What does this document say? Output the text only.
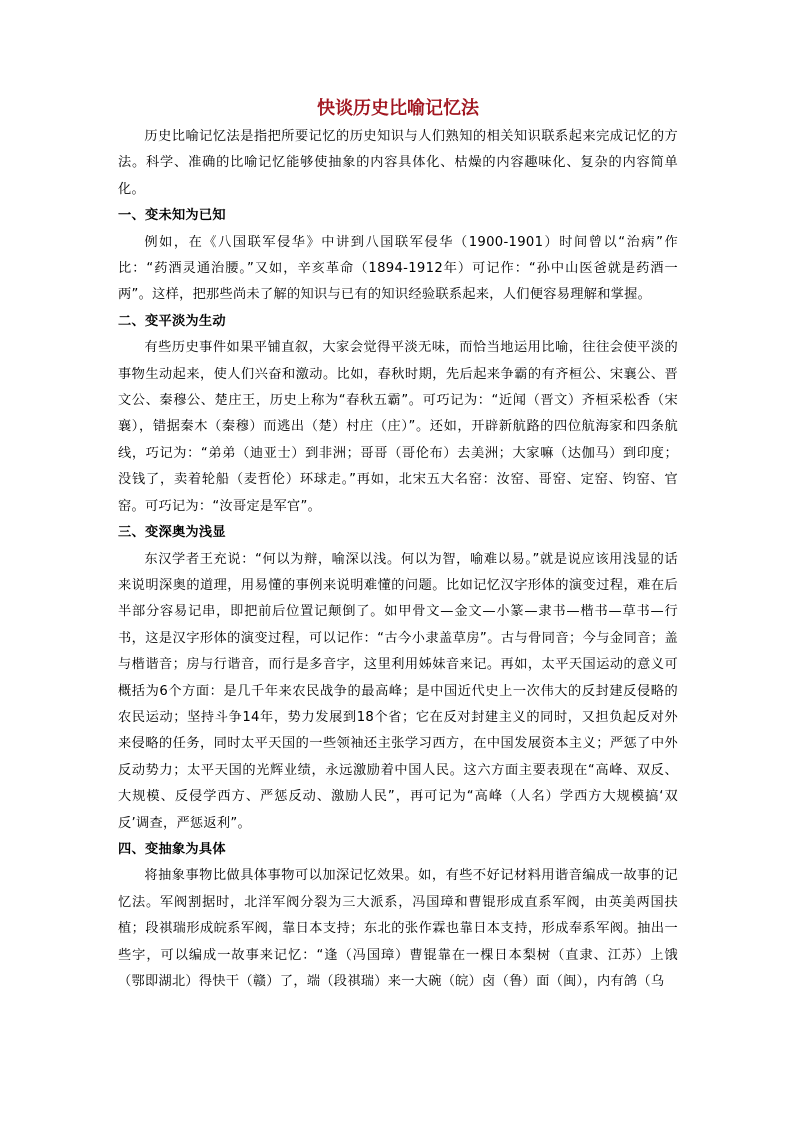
快谈历史比喻记忆法

历史比喻记忆法是指把所要记忆的历史知识与人们熟知的相关知识联系起来完成记忆的方法。科学、准确的比喻记忆能够使抽象的内容具体化、枯燥的内容趣味化、复杂的内容简单化。

一、变未知为已知

例如，在《八国联军侵华》中讲到八国联军侵华（1900-1901）时间曾以“治病”作比：“药酒灵通治腰。”又如，辛亥革命（1894-1912年）可记作：“孙中山医爸就是药酒一两”。这样，把那些尚未了解的知识与已有的知识经验联系起来，人们便容易理解和掌握。

二、变平淡为生动

有些历史事件如果平铺直叙，大家会觉得平淡无味，而恰当地运用比喻，往往会使平淡的事物生动起来，使人们兴奋和激动。比如，春秋时期，先后起来争霸的有齐桓公、宋襄公、晋文公、秦穆公、楚庄王，历史上称为“春秋五霸”。可巧记为：“近闻（晋文）齐桓采松香（宋襄），错据秦木（秦穆）而逃出（楚）村庄（庄）”。还如，开辟新航路的四位航海家和四条航线，巧记为：“弟弟（迪亚士）到非洲；哥哥（哥伦布）去美洲；大家嘛（达伽马）到印度；没钱了，卖着轮船（麦哲伦）环球走。”再如，北宋五大名窑：汝窑、哥窑、定窑、钧窑、官窑。可巧记为：“汝哥定是军官”。

三、变深奥为浅显

东汉学者王充说：“何以为辩，喻深以浅。何以为智，喻难以易。”就是说应该用浅显的话来说明深奥的道理，用易懂的事例来说明难懂的问题。比如记忆汉字形体的演变过程，难在后半部分容易记串，即把前后位置记颠倒了。如甲骨文—金文—小篆—隶书—楷书—草书—行书，这是汉字形体的演变过程，可以记作：“古今小隶盖草房”。古与骨同音；今与金同音；盖与楷谐音；房与行谐音，而行是多音字，这里利用姊妹音来记。再如，太平天国运动的意义可概括为6个方面：是几千年来农民战争的最高峰；是中国近代史上一次伟大的反封建反侵略的农民运动；坚持斗争14年，势力发展到18个省；它在反对封建主义的同时，又担负起反对外来侵略的任务，同时太平天国的一些领袖还主张学习西方，在中国发展资本主义；严惩了中外反动势力；太平天国的光辉业绩，永远激励着中国人民。这六方面主要表现在“高峰、双反、大规模、反侵学西方、严惩反动、激励人民”，再可记为“高峰（人名）学西方大规模搞‘双反’调查，严惩返利”。

四、变抽象为具体

将抽象事物比做具体事物可以加深记忆效果。如，有些不好记材料用谐音编成一故事的记忆法。军阀割据时，北洋军阀分裂为三大派系，冯国璋和曹锟形成直系军阀，由英美两国扶植；段祺瑞形成皖系军阀，靠日本支持；东北的张作霖也靠日本支持，形成奉系军阀。抽出一些字，可以编成一故事来记忆：“逢（冯国璋）曹锟靠在一棵日本梨树（直隶、江苏）上饿（鄂即湖北）得快干（赣）了，端（段祺瑞）来一大碗（皖）卤（鲁）面（闽），内有鸽（乌
